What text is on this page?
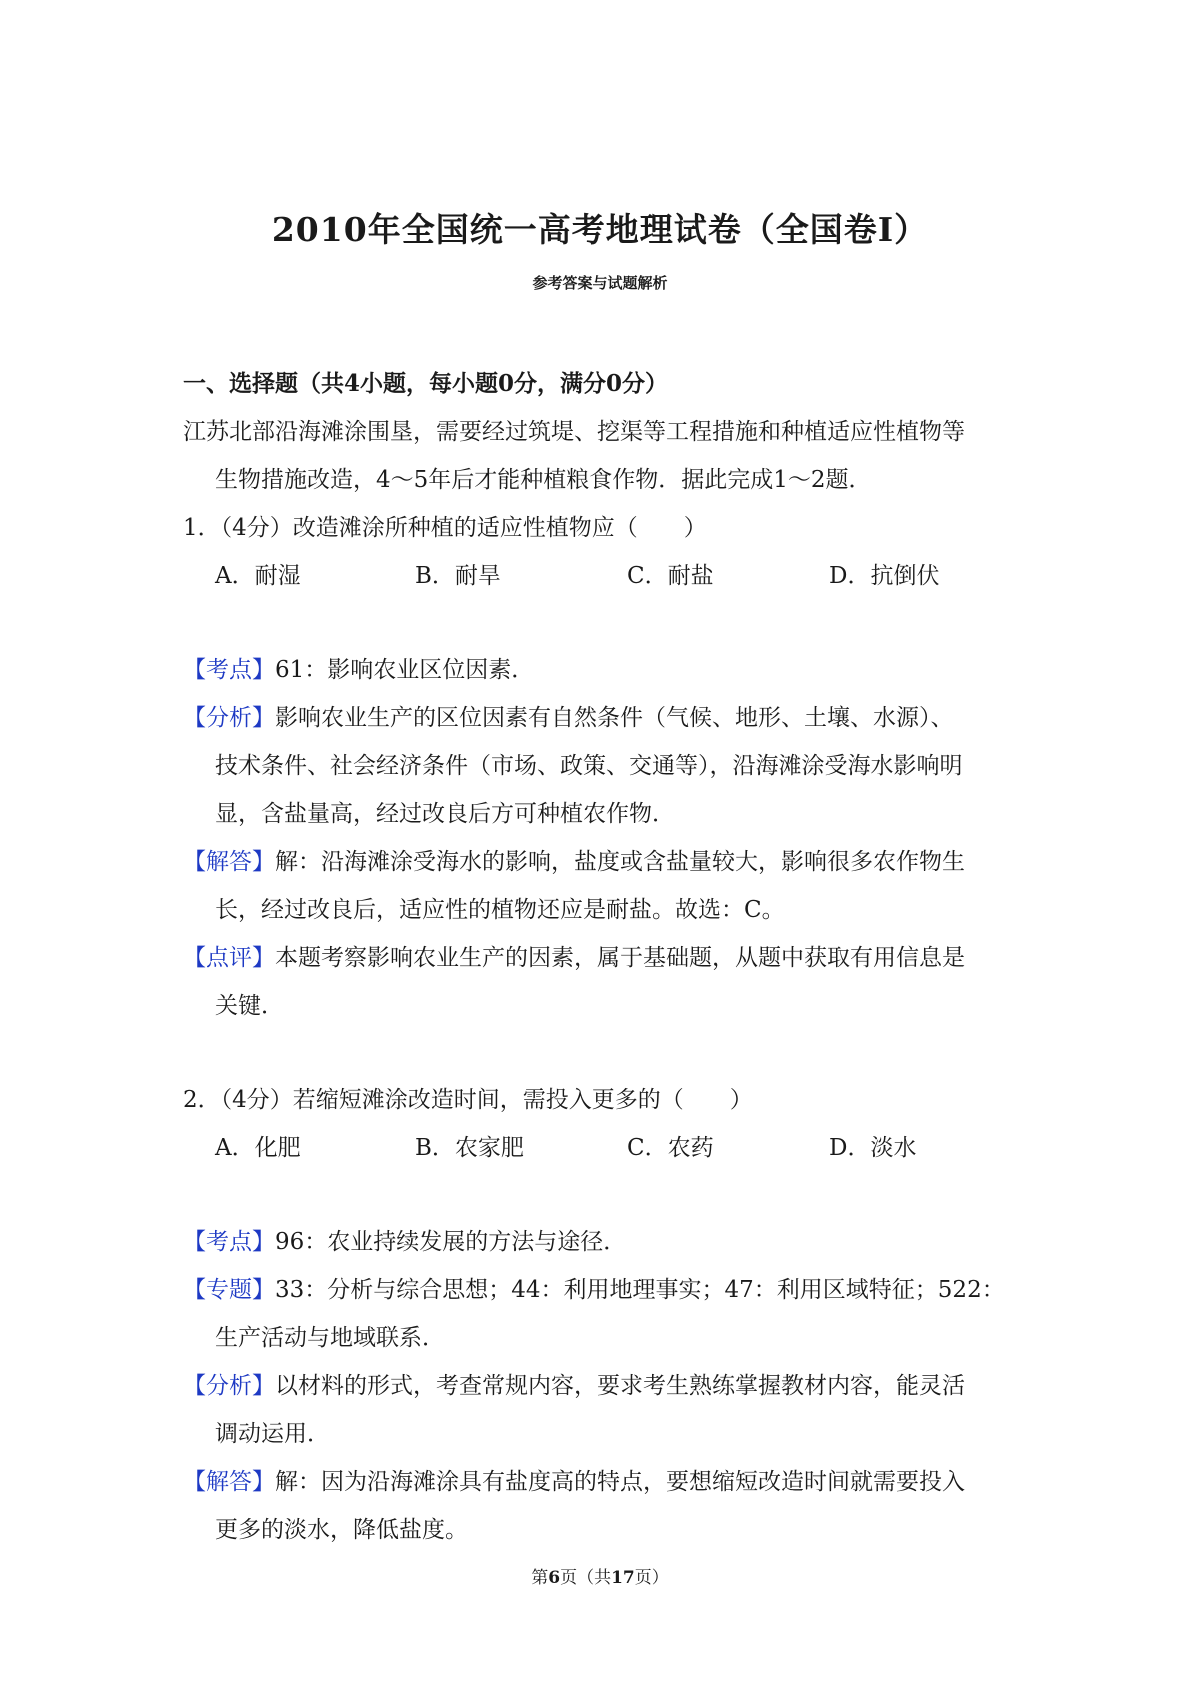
2010年全国统一高考地理试卷（全国卷I）
参考答案与试题解析
一、选择题（共4小题，每小题0分，满分0分）
江苏北部沿海滩涂围垦，需要经过筑堤、挖渠等工程措施和种植适应性植物等
生物措施改造，4～5年后才能种植粮食作物．据此完成1～2题．
1．（4分）改造滩涂所种植的适应性植物应（　　）
A．耐湿	B．耐旱	C．耐盐	D．抗倒伏
【考点】61：影响农业区位因素．
【分析】影响农业生产的区位因素有自然条件（气候、地形、土壤、水源）、
技术条件、社会经济条件（市场、政策、交通等），沿海滩涂受海水影响明
显，含盐量高，经过改良后方可种植农作物．
【解答】解：沿海滩涂受海水的影响，盐度或含盐量较大，影响很多农作物生
长，经过改良后，适应性的植物还应是耐盐。故选：C。
【点评】本题考察影响农业生产的因素，属于基础题，从题中获取有用信息是
关键．
2．（4分）若缩短滩涂改造时间，需投入更多的（　　）
A．化肥	B．农家肥	C．农药	D．淡水
【考点】96：农业持续发展的方法与途径．
【专题】33：分析与综合思想；44：利用地理事实；47：利用区域特征；522：
生产活动与地域联系．
【分析】以材料的形式，考查常规内容，要求考生熟练掌握教材内容，能灵活
调动运用．
【解答】解：因为沿海滩涂具有盐度高的特点，要想缩短改造时间就需要投入
更多的淡水，降低盐度。
第6页（共17页）
